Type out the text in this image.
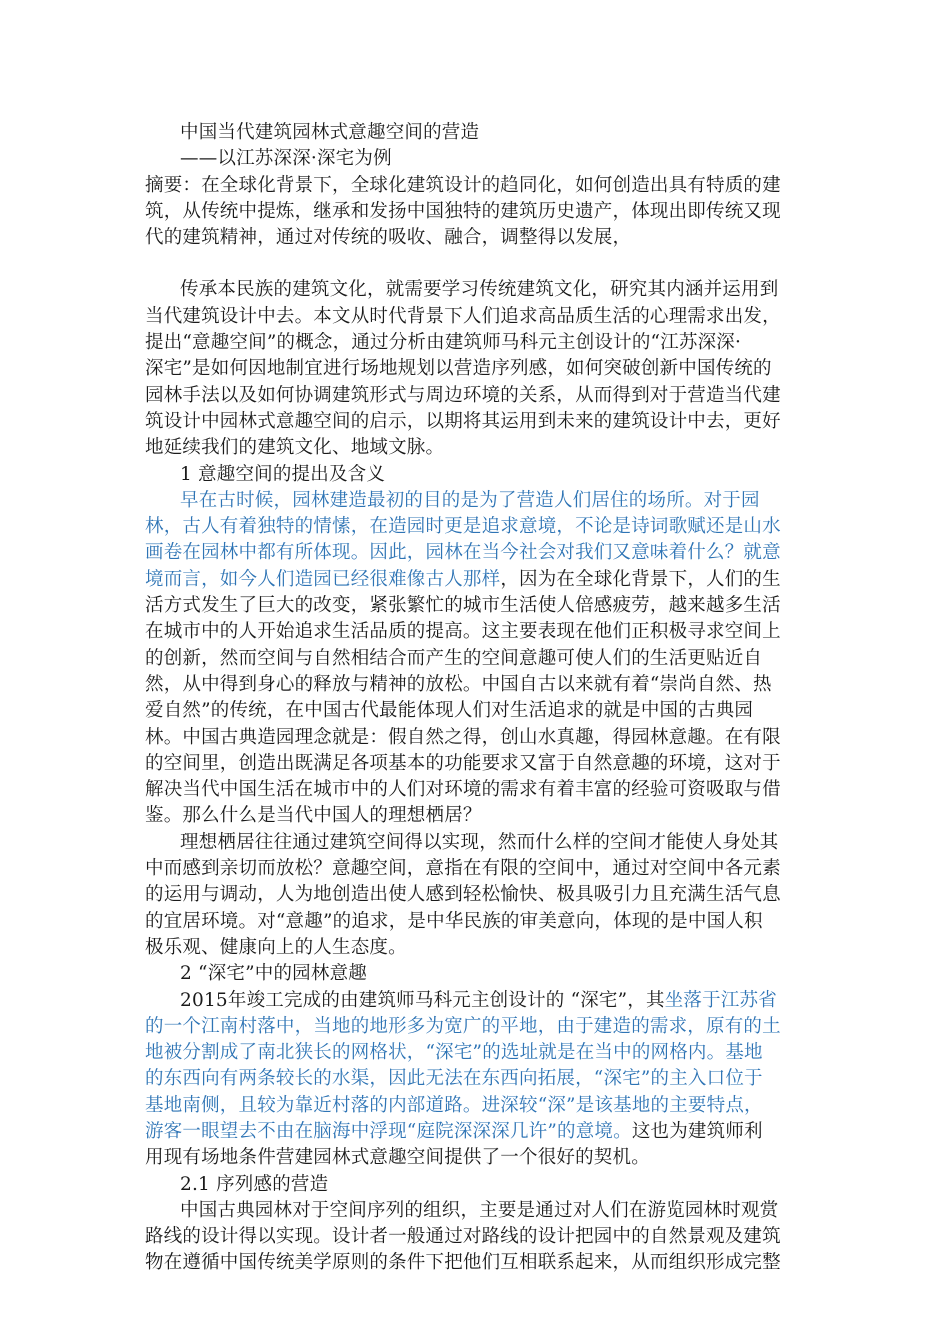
中国当代建筑园林式意趣空间的营造
——以江苏深深·深宅为例
摘要：在全球化背景下，全球化建筑设计的趋同化，如何创造出具有特质的建
筑，从传统中提炼，继承和发扬中国独特的建筑历史遗产，体现出即传统又现
代的建筑精神，通过对传统的吸收、融合，调整得以发展，
传承本民族的建筑文化，就需要学习传统建筑文化，研究其内涵并运用到
当代建筑设计中去。本文从时代背景下人们追求高品质生活的心理需求出发，
提出“意趣空间”的概念，通过分析由建筑师马科元主创设计的“江苏深深·
深宅”是如何因地制宜进行场地规划以营造序列感，如何突破创新中国传统的
园林手法以及如何协调建筑形式与周边环境的关系，从而得到对于营造当代建
筑设计中园林式意趣空间的启示，以期将其运用到未来的建筑设计中去，更好
地延续我们的建筑文化、地域文脉。
1 意趣空间的提出及含义
早在古时候，园林建造最初的目的是为了营造人们居住的场所。对于园
林，古人有着独特的情愫，在造园时更是追求意境，不论是诗词歌赋还是山水
画卷在园林中都有所体现。因此，园林在当今社会对我们又意味着什么？就意
境而言，如今人们造园已经很难像古人那样，因为在全球化背景下，人们的生
活方式发生了巨大的改变，紧张繁忙的城市生活使人倍感疲劳，越来越多生活
在城市中的人开始追求生活品质的提高。这主要表现在他们正积极寻求空间上
的创新，然而空间与自然相结合而产生的空间意趣可使人们的生活更贴近自
然，从中得到身心的释放与精神的放松。中国自古以来就有着“崇尚自然、热
爱自然”的传统，在中国古代最能体现人们对生活追求的就是中国的古典园
林。中国古典造园理念就是：假自然之得，创山水真趣，得园林意趣。在有限
的空间里，创造出既满足各项基本的功能要求又富于自然意趣的环境，这对于
解决当代中国生活在城市中的人们对环境的需求有着丰富的经验可资吸取与借
鉴。那么什么是当代中国人的理想栖居？
理想栖居往往通过建筑空间得以实现，然而什么样的空间才能使人身处其
中而感到亲切而放松？意趣空间，意指在有限的空间中，通过对空间中各元素
的运用与调动，人为地创造出使人感到轻松愉快、极具吸引力且充满生活气息
的宜居环境。对“意趣”的追求，是中华民族的审美意向，体现的是中国人积
极乐观、健康向上的人生态度。
2 “深宅”中的园林意趣
2015年竣工完成的由建筑师马科元主创设计的 “深宅”，其坐落于江苏省
的一个江南村落中，当地的地形多为宽广的平地，由于建造的需求，原有的土
地被分割成了南北狭长的网格状，“深宅”的选址就是在当中的网格内。基地
的东西向有两条较长的水渠，因此无法在东西向拓展，“深宅”的主入口位于
基地南侧，且较为靠近村落的内部道路。进深较“深”是该基地的主要特点，
游客一眼望去不由在脑海中浮现“庭院深深深几许”的意境。这也为建筑师利
用现有场地条件营建园林式意趣空间提供了一个很好的契机。
2.1 序列感的营造
中国古典园林对于空间序列的组织，主要是通过对人们在游览园林时观赏
路线的设计得以实现。设计者一般通过对路线的设计把园中的自然景观及建筑
物在遵循中国传统美学原则的条件下把他们互相联系起来，从而组织形成完整
